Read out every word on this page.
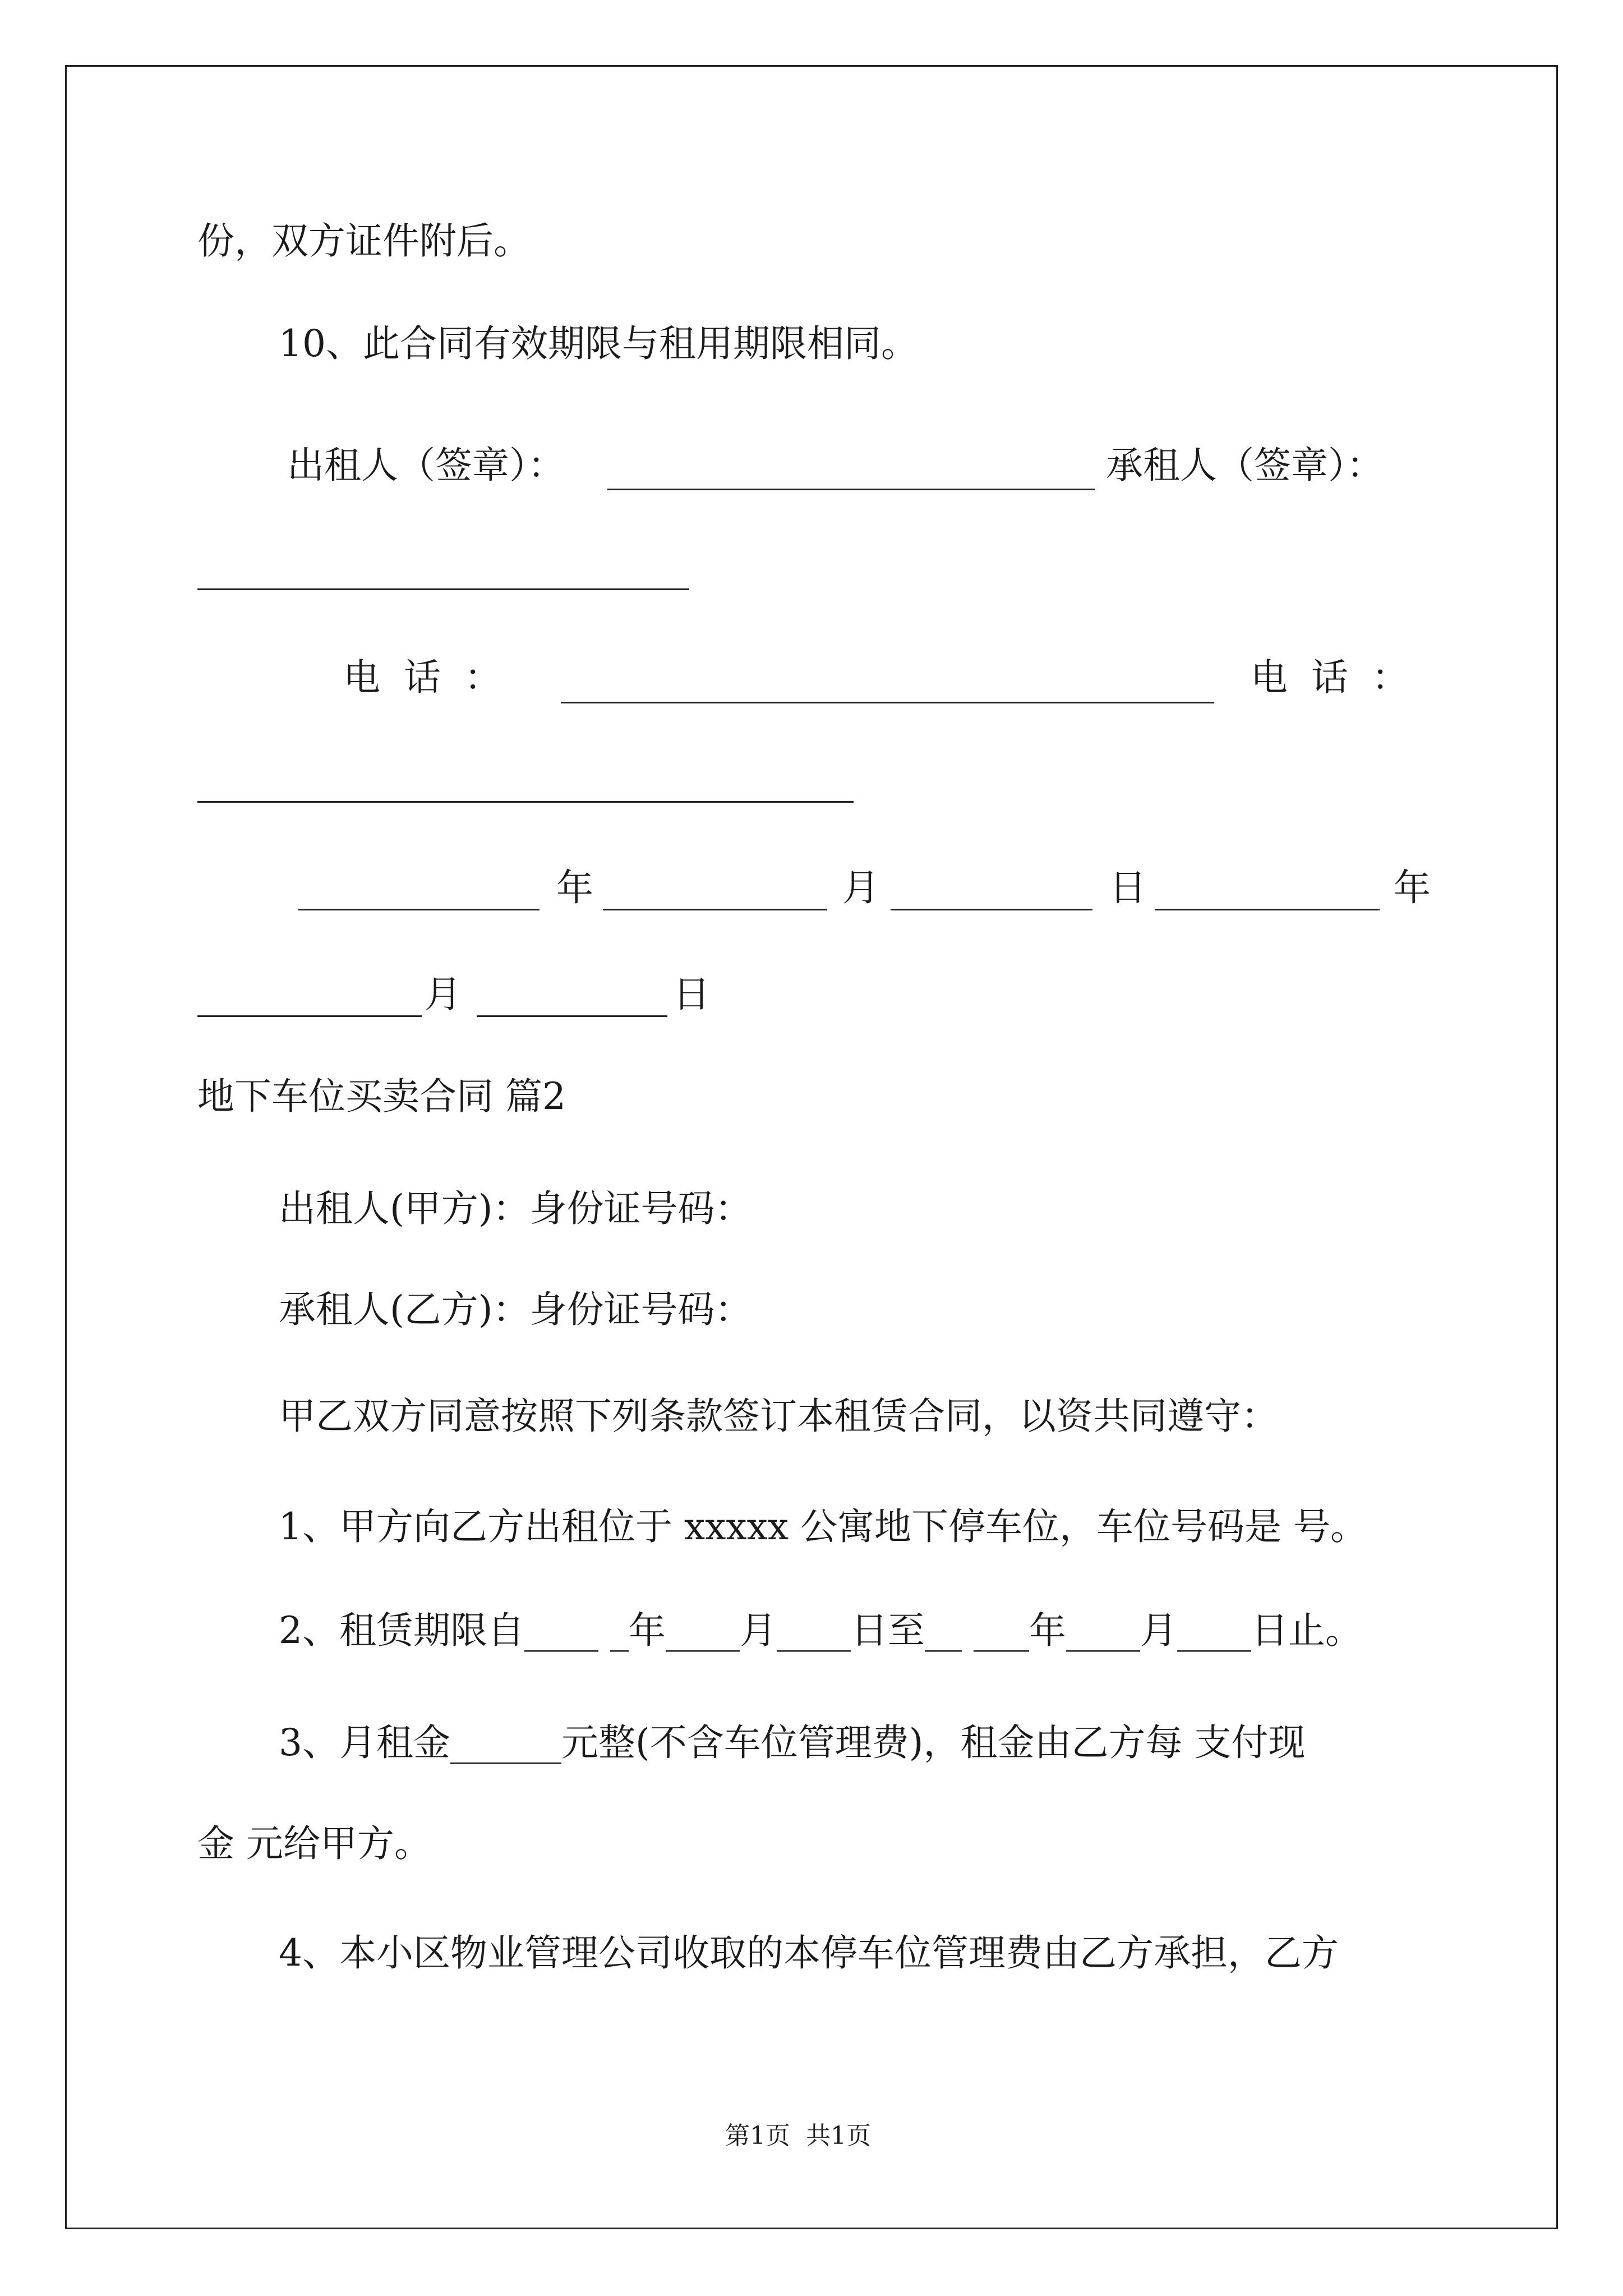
份，双方证件附后。
10、此合同有效期限与租用期限相同。
出租人（签章）：	承租人（签章）：
电  话  ：	电  话  ：
年	月	日	年
月	日
地下车位买卖合同 篇2
出租人(甲方)：身份证号码：
承租人(乙方)：身份证号码：
甲乙双方同意按照下列条款签订本租赁合同，以资共同遵守：
1、甲方向乙方出租位于 xxxxx 公寓地下停车位，车位号码是 号。
2、租赁期限自____ _年____月____日至__ ___年____月____日止。
3、月租金______元整(不含车位管理费)，租金由乙方每 支付现
金 元给甲方。
4、本小区物业管理公司收取的本停车位管理费由乙方承担，乙方
第1页  共1页
